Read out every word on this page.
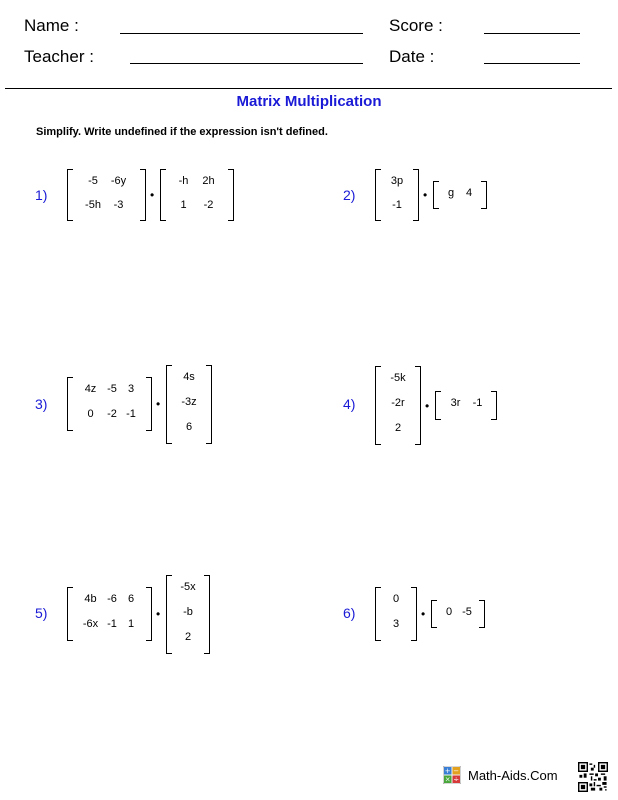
Name :	Score :
Teacher :	Date :
Matrix Multiplication
Simplify. Write undefined if the expression isn't defined.
1)
-5	-6y
-5h	-3
•
-h	2h
1	-2
2)
3p
-1
•	g	4
3)
4z -5	3
0	-2 -1
•
4s
-3z
6
4)
-5k
-2r
2
•	3r	-1
5)
4b -6	6
-6x -1	1
•
-5x
-b
2
6)
0
3
•	0 -5
+ −
× ÷ Math-Aids.Com
